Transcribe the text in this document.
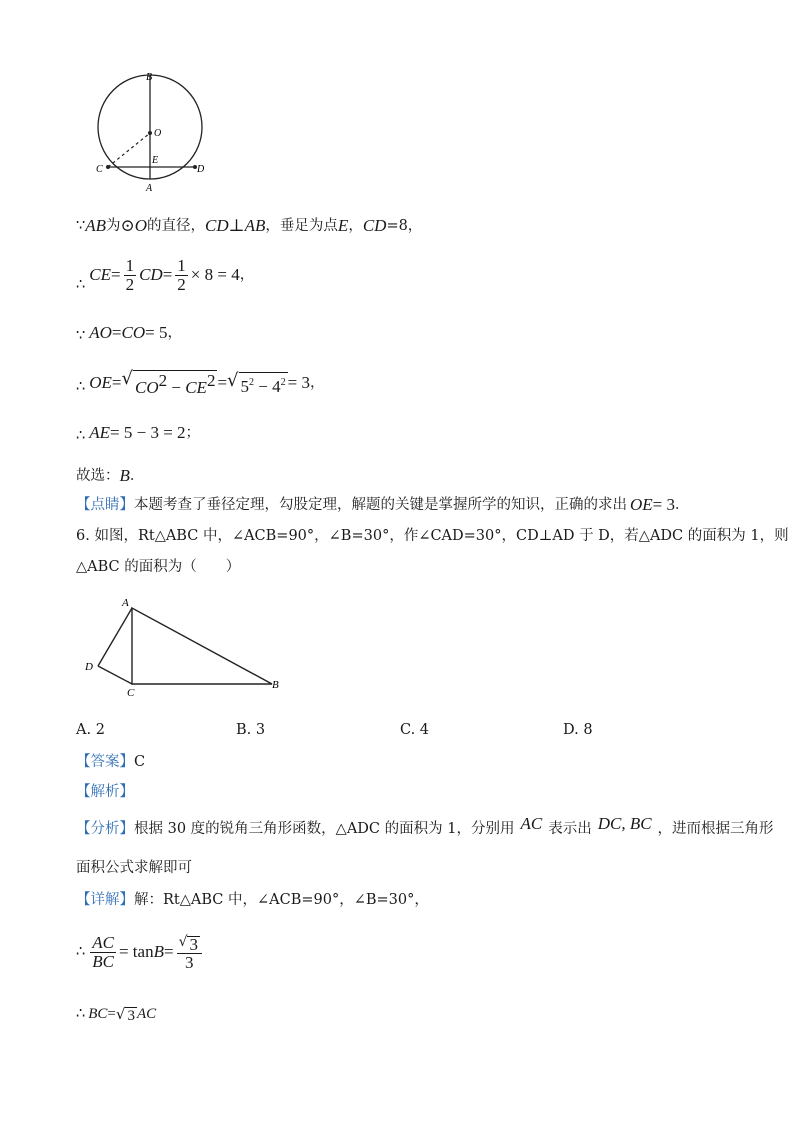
B
O
C
E
D
A
∵ AB 为 ⊙ O 的直径， CD⊥AB ，垂足为点 E ， CD =8，
∴
CE = $\frac{1}{2}$ CD = $\frac{1}{2} \times 8 = 4$ ，
∵ AO = CO = 5 ，
∴ OE = √ $CO^2 - CE^2$ = √ $5^2 - 4^2 = 3$ ，
∴ AE = 5 − 3 = 2 ；
故选： B ．
【点睛】 本题考查了垂径定理，勾股定理，解题的关键是掌握所学的知识，正确的求出 OE = 3 ．
6. 如图，Rt△ABC 中，∠ACB=90°，∠B=30°，作∠CAD=30°，CD⊥AD 于 D，若△ADC 的面积为 1，则
△ABC 的面积为（　　）
A
D
C
B
A. 2	B. 3	C. 4	D. 8
【答案】 C
【解析】
【分析】 根据 30 度的锐角三角形函数，△ADC 的面积为 1，分别用 AC 表示出 DC, BC ，进而根据三角形
面积公式求解即可
【详解】 解：Rt△ABC 中，∠ACB=90°，∠B=30°，
∴ $\frac{AC}{BC} = \tan B = \frac{√ 3}{3}$
∴ BC = √ 3 AC
